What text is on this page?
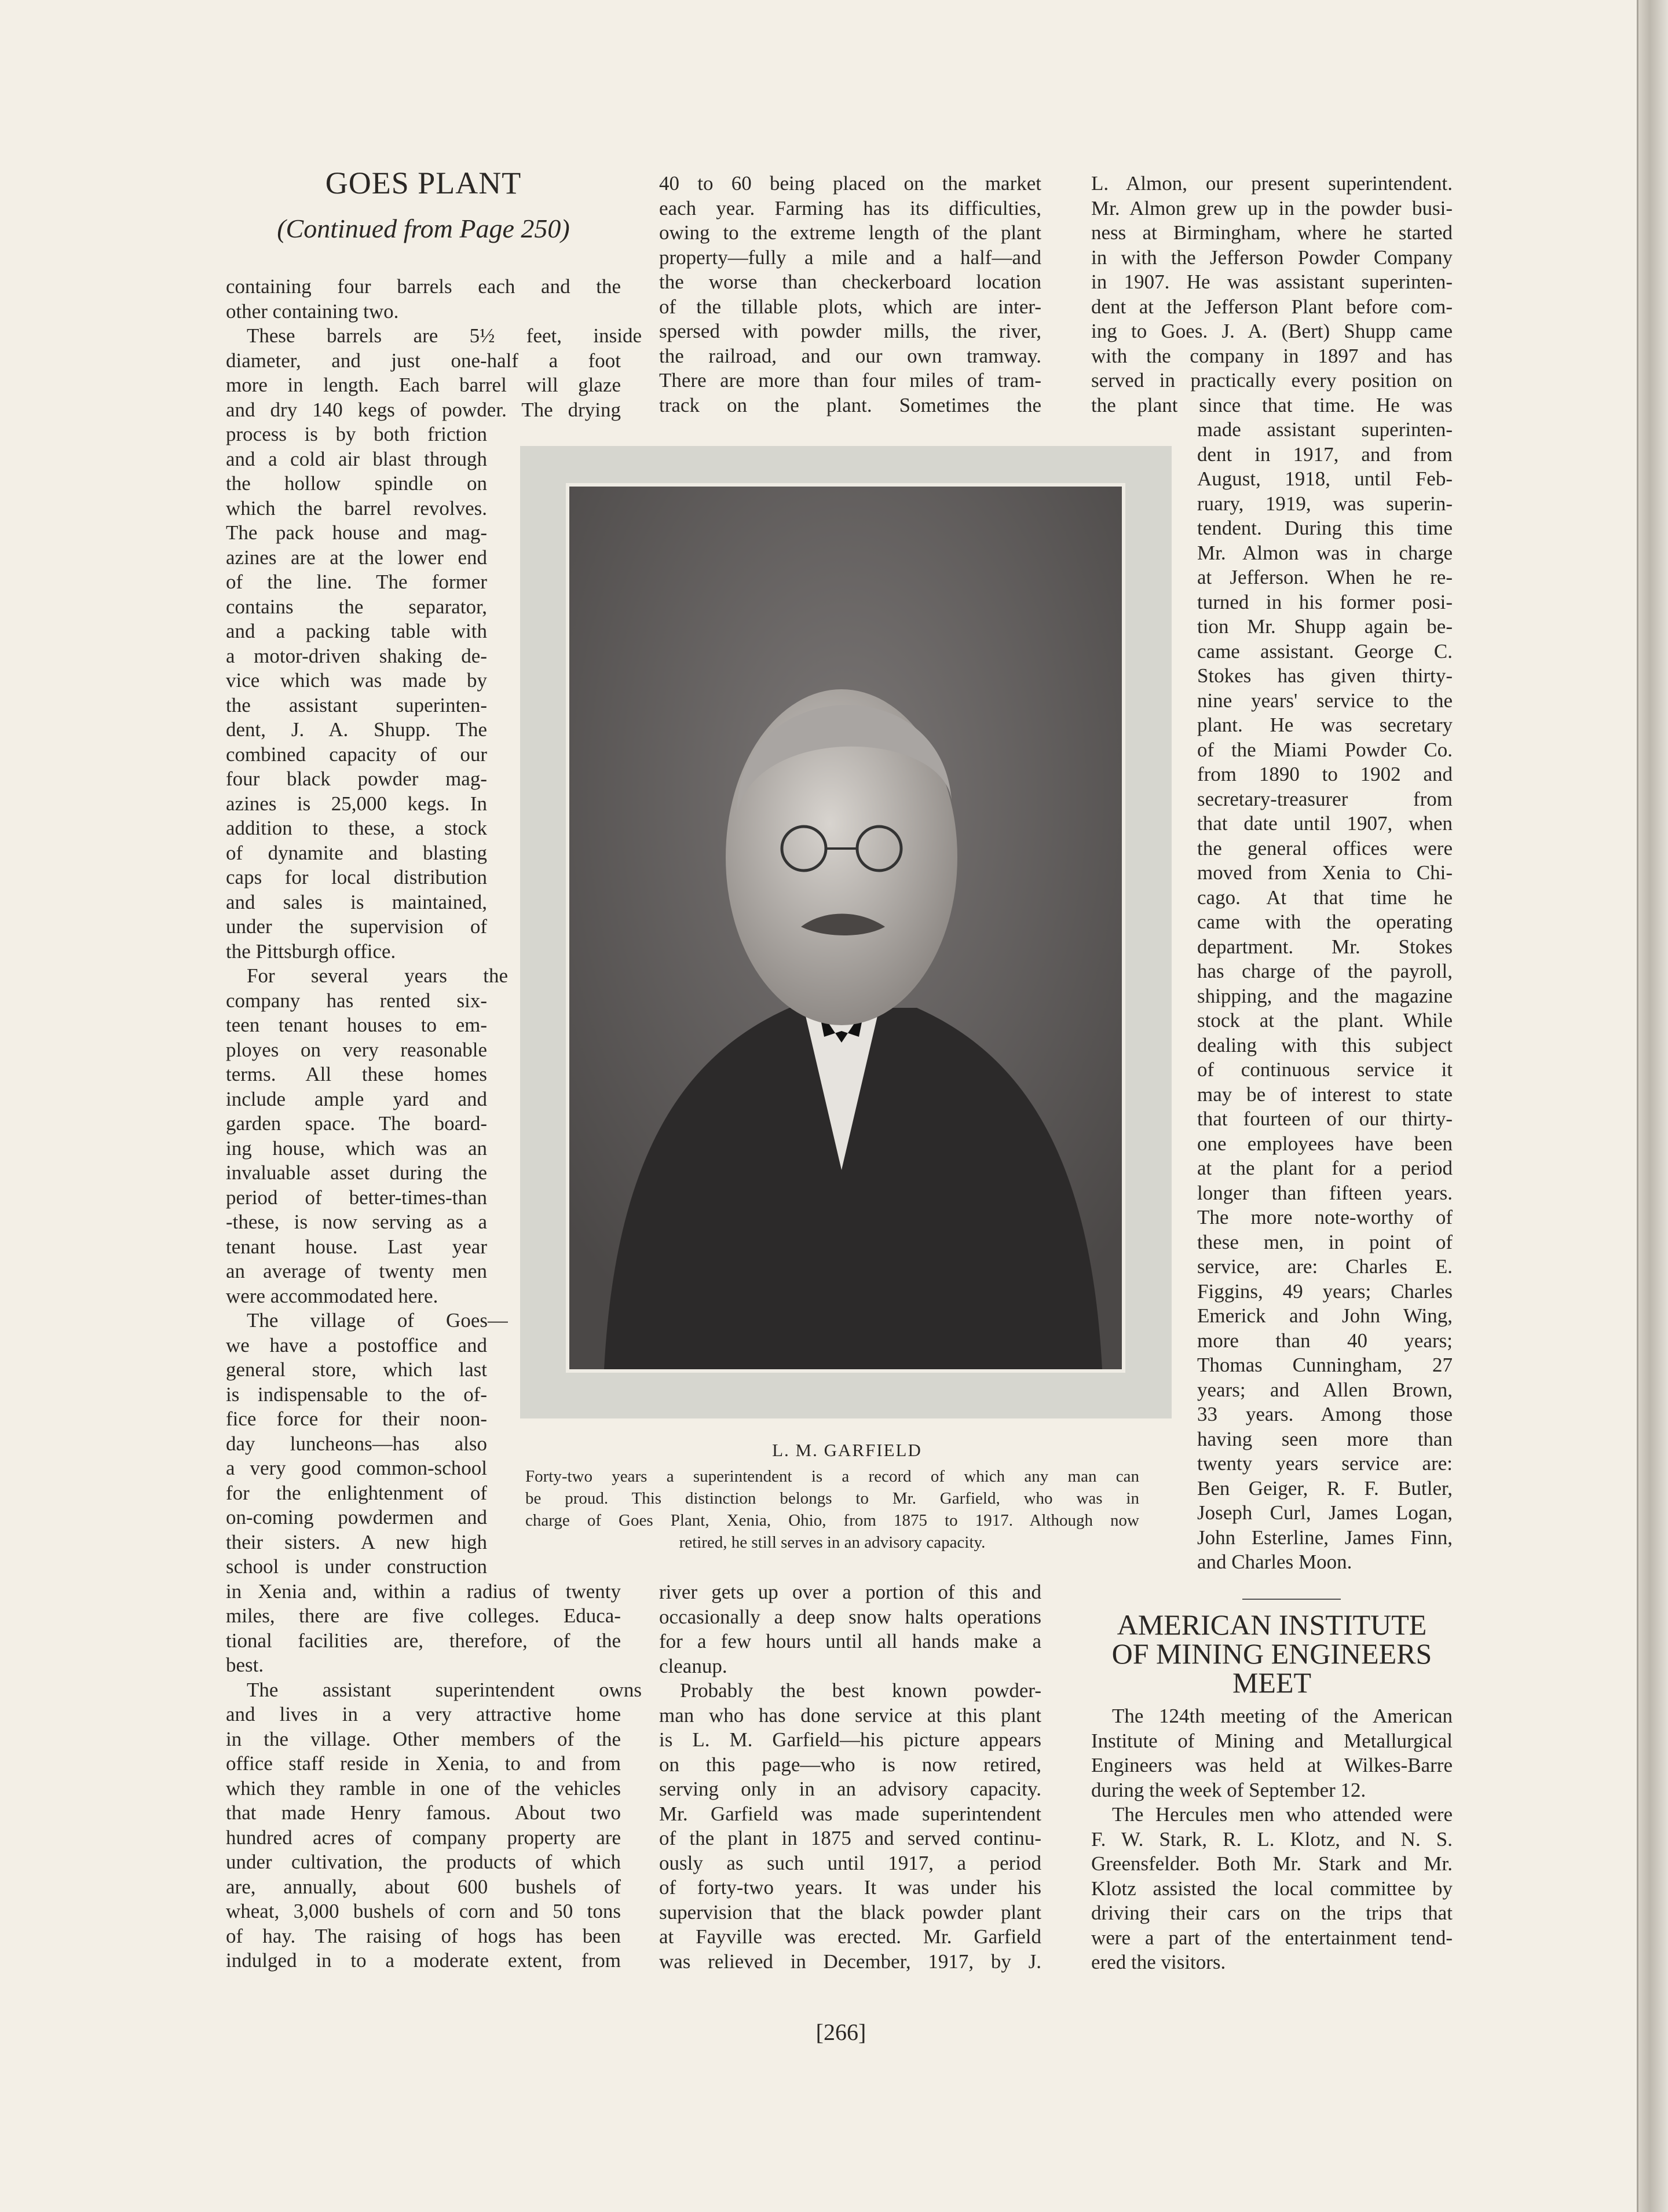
GOES PLANT
(Continued from Page 250)
containing four barrels each and the
other containing two.
These barrels are 5½ feet, inside
diameter, and just one-half a foot
more in length. Each barrel will glaze
and dry 140 kegs of powder. The drying
process is by both friction
and a cold air blast through
the hollow spindle on
which the barrel revolves.
The pack house and mag-
azines are at the lower end
of the line. The former
contains the separator,
and a packing table with
a motor-driven shaking de-
vice which was made by
the assistant superinten-
dent, J. A. Shupp. The
combined capacity of our
four black powder mag-
azines is 25,000 kegs. In
addition to these, a stock
of dynamite and blasting
caps for local distribution
and sales is maintained,
under the supervision of
the Pittsburgh office.
For several years the
company has rented six-
teen tenant houses to em-
ployes on very reasonable
terms. All these homes
include ample yard and
garden space. The board-
ing house, which was an
invaluable asset during the
period of better-times-than
-these, is now serving as a
tenant house. Last year
an average of twenty men
were accommodated here.
The village of Goes—
we have a postoffice and
general store, which last
is indispensable to the of-
fice force for their noon-
day luncheons—has also
a very good common-school
for the enlightenment of
on-coming powdermen and
their sisters. A new high
school is under construction
in Xenia and, within a radius of twenty
miles, there are five colleges. Educa-
tional facilities are, therefore, of the
best.
The assistant superintendent owns
and lives in a very attractive home
in the village. Other members of the
office staff reside in Xenia, to and from
which they ramble in one of the vehicles
that made Henry famous. About two
hundred acres of company property are
under cultivation, the products of which
are, annually, about 600 bushels of
wheat, 3,000 bushels of corn and 50 tons
of hay. The raising of hogs has been
indulged in to a moderate extent, from
40 to 60 being placed on the market
each year. Farming has its difficulties,
owing to the extreme length of the plant
property—fully a mile and a half—and
the worse than checkerboard location
of the tillable plots, which are inter-
spersed with powder mills, the river,
the railroad, and our own tramway.
There are more than four miles of tram-
track on the plant. Sometimes the
river gets up over a portion of this and
occasionally a deep snow halts operations
for a few hours until all hands make a
cleanup.
Probably the best known powder-
man who has done service at this plant
is L. M. Garfield—his picture appears
on this page—who is now retired,
serving only in an advisory capacity.
Mr. Garfield was made superintendent
of the plant in 1875 and served continu-
ously as such until 1917, a period
of forty-two years. It was under his
supervision that the black powder plant
at Fayville was erected. Mr. Garfield
was relieved in December, 1917, by J.
L. Almon, our present superintendent.
Mr. Almon grew up in the powder busi-
ness at Birmingham, where he started
in with the Jefferson Powder Company
in 1907. He was assistant superinten-
dent at the Jefferson Plant before com-
ing to Goes. J. A. (Bert) Shupp came
with the company in 1897 and has
served in practically every position on
the plant since that time. He was
made assistant superinten-
dent in 1917, and from
August, 1918, until Feb-
ruary, 1919, was superin-
tendent. During this time
Mr. Almon was in charge
at Jefferson. When he re-
turned in his former posi-
tion Mr. Shupp again be-
came assistant. George C.
Stokes has given thirty-
nine years' service to the
plant. He was secretary
of the Miami Powder Co.
from 1890 to 1902 and
secretary-treasurer from
that date until 1907, when
the general offices were
moved from Xenia to Chi-
cago. At that time he
came with the operating
department. Mr. Stokes
has charge of the payroll,
shipping, and the magazine
stock at the plant. While
dealing with this subject
of continuous service it
may be of interest to state
that fourteen of our thirty-
one employees have been
at the plant for a period
longer than fifteen years.
The more note-worthy of
these men, in point of
service, are: Charles E.
Figgins, 49 years; Charles
Emerick and John Wing,
more than 40 years;
Thomas Cunningham, 27
years; and Allen Brown,
33 years. Among those
having seen more than
twenty years service are:
Ben Geiger, R. F. Butler,
Joseph Curl, James Logan,
John Esterline, James Finn,
and Charles Moon.
L. M. GARFIELD
Forty-two years a superintendent is a record of which any man can
be proud. This distinction belongs to Mr. Garfield, who was in
charge of Goes Plant, Xenia, Ohio, from 1875 to 1917. Although now
retired, he still serves in an advisory capacity.
AMERICAN INSTITUTE
OF MINING ENGINEERS
MEET
The 124th meeting of the American
Institute of Mining and Metallurgical
Engineers was held at Wilkes-Barre
during the week of September 12.
The Hercules men who attended were
F. W. Stark, R. L. Klotz, and N. S.
Greensfelder. Both Mr. Stark and Mr.
Klotz assisted the local committee by
driving their cars on the trips that
were a part of the entertainment tend-
ered the visitors.
[266]
